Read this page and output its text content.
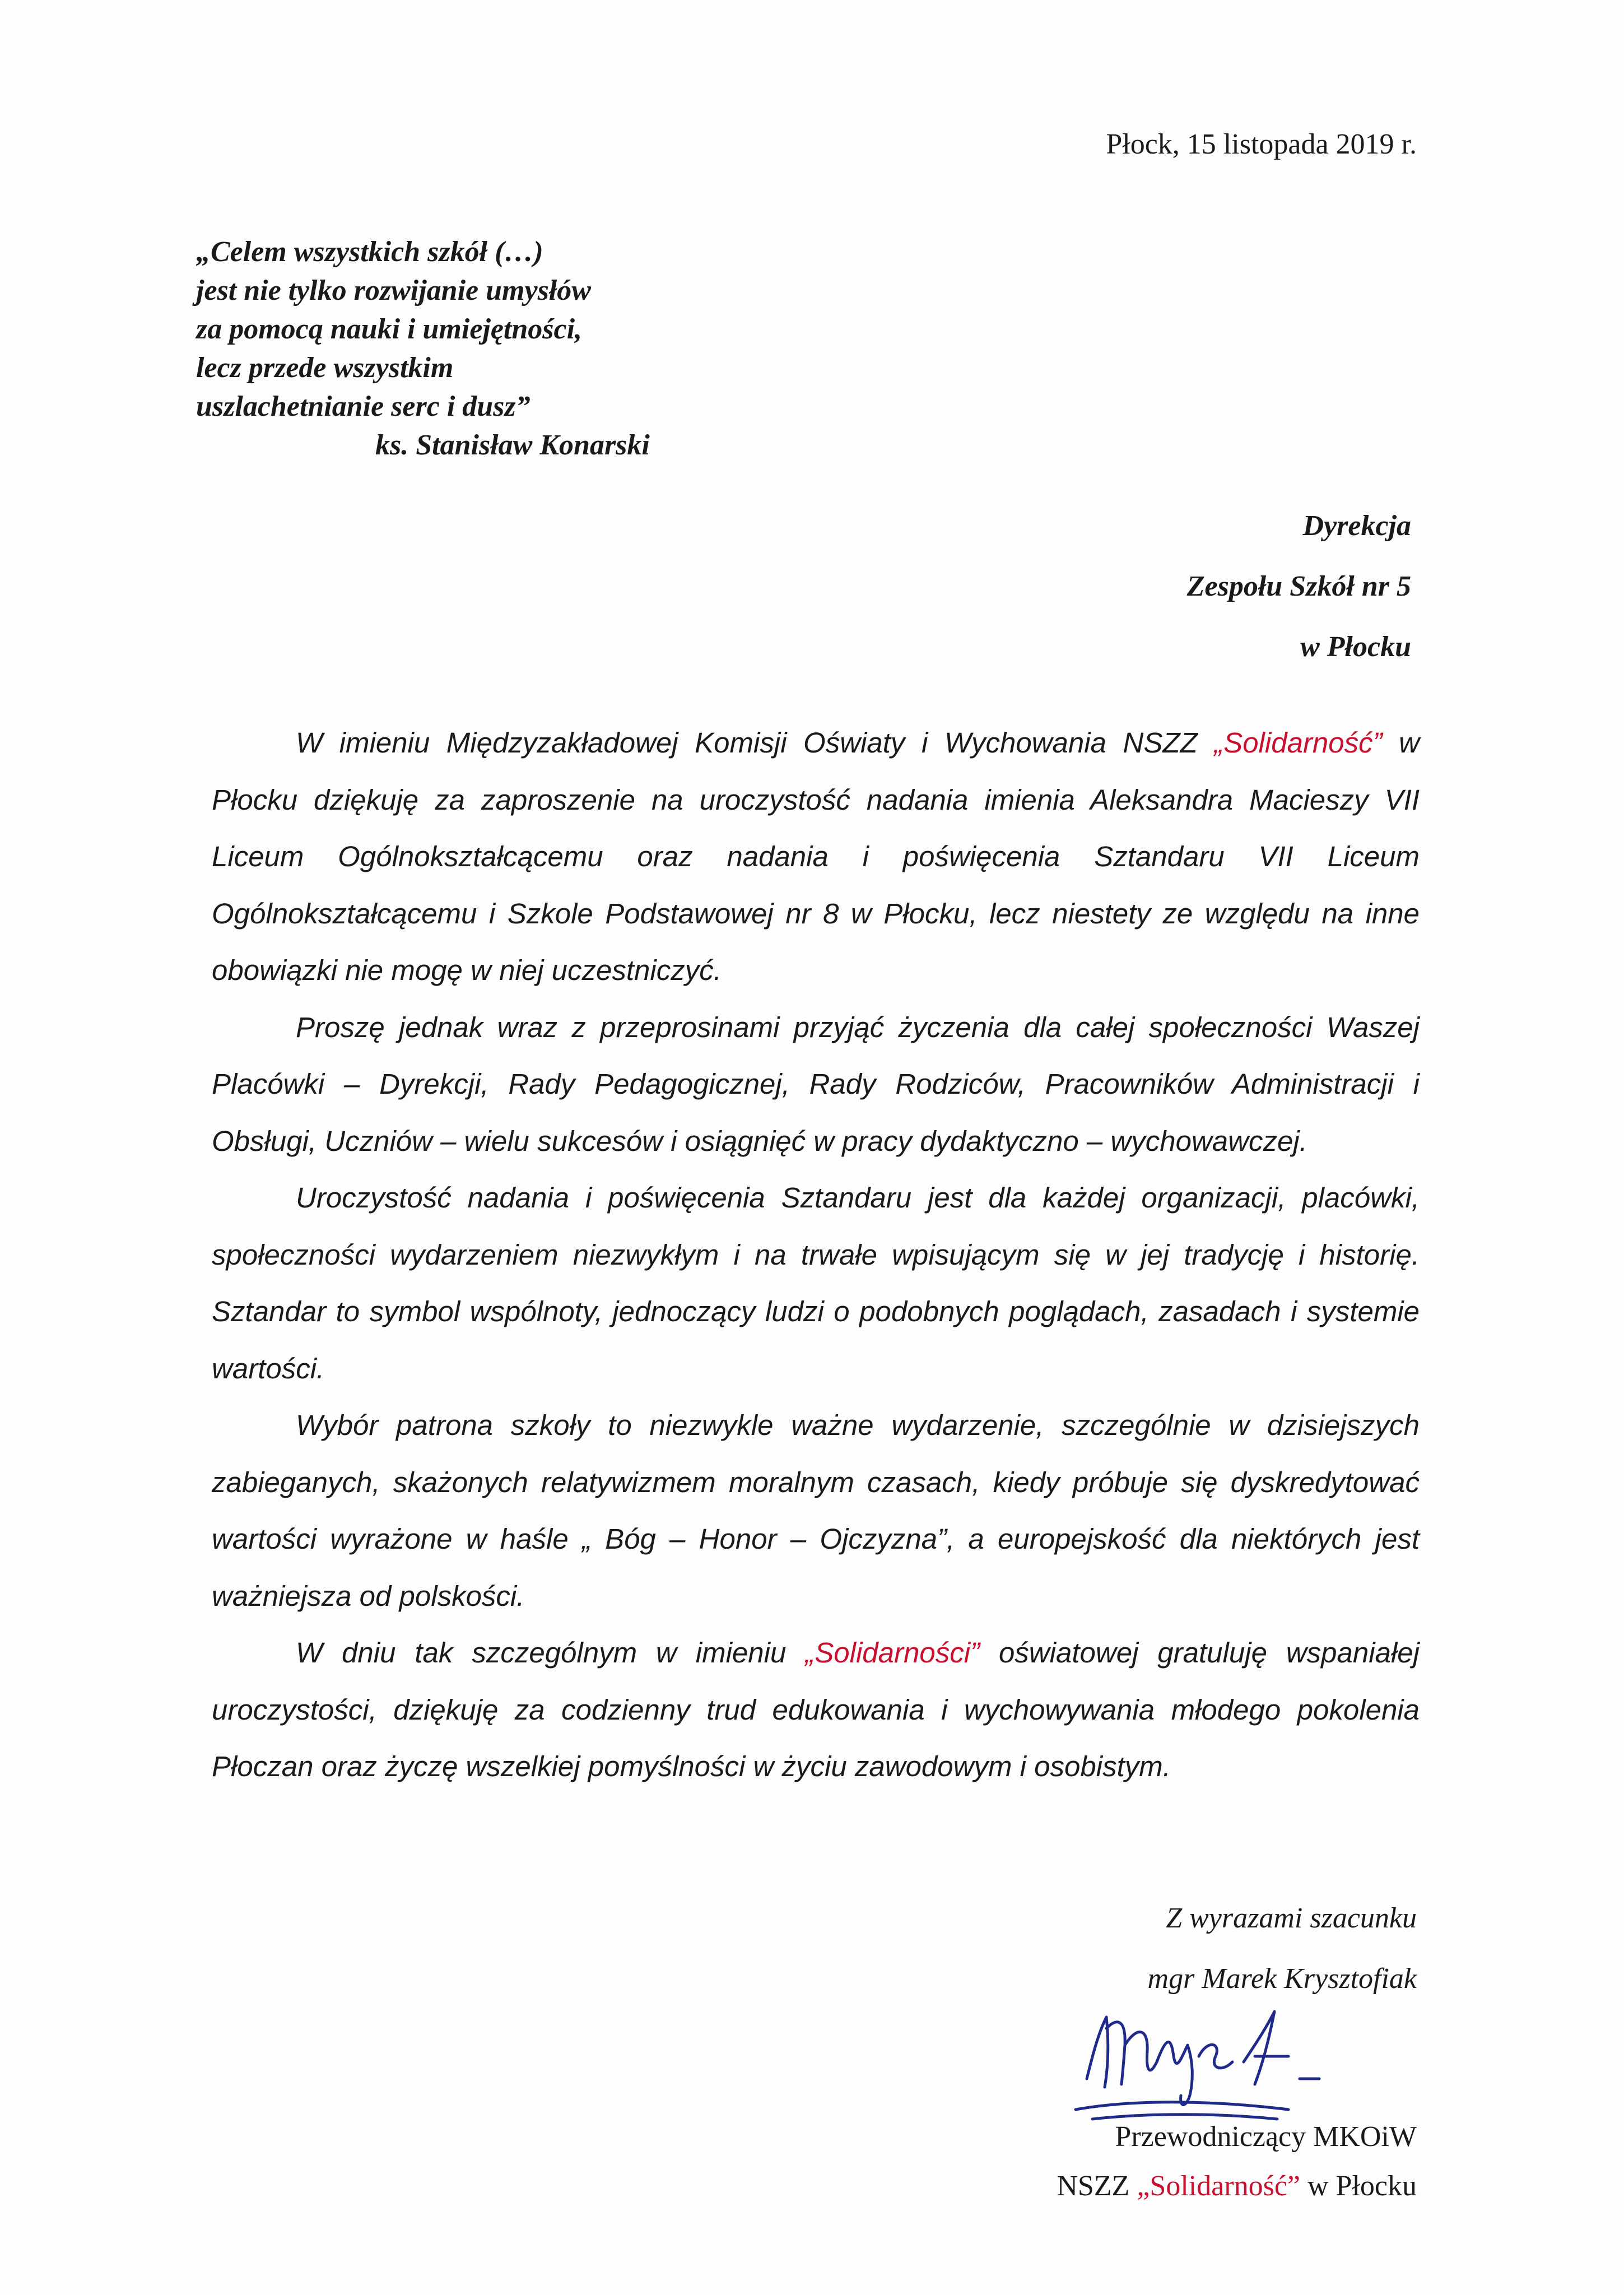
Płock, 15 listopada 2019 r.
„Celem wszystkich szkół (…)
jest nie tylko rozwijanie umysłów
za pomocą nauki i umiejętności,
lecz przede wszystkim
uszlachetnianie serc i dusz”
ks. Stanisław Konarski
Dyrekcja
Zespołu Szkół nr 5
w Płocku

W imieniu Międzyzakładowej Komisji Oświaty i Wychowania NSZZ „Solidarność” w Płocku dziękuję za zaproszenie na uroczystość nadania imienia Aleksandra Macieszy VII Liceum Ogólnokształcącemu oraz nadania i poświęcenia Sztandaru VII Liceum Ogólnokształcącemu i Szkole Podstawowej nr 8 w Płocku, lecz niestety ze względu na inne obowiązki nie mogę w niej uczestniczyć.

Proszę jednak wraz z przeprosinami przyjąć życzenia dla całej społeczności Waszej Placówki – Dyrekcji, Rady Pedagogicznej, Rady Rodziców, Pracowników Administracji i Obsługi, Uczniów – wielu sukcesów i osiągnięć w pracy dydaktyczno – wychowawczej.

Uroczystość nadania i poświęcenia Sztandaru jest dla każdej organizacji, placówki, społeczności wydarzeniem niezwykłym i na trwałe wpisującym się w jej tradycję i historię. Sztandar to symbol wspólnoty, jednoczący ludzi o podobnych poglądach, zasadach i systemie wartości.

Wybór patrona szkoły to niezwykle ważne wydarzenie, szczególnie w dzisiejszych zabieganych, skażonych relatywizmem moralnym czasach, kiedy próbuje się dyskredytować wartości wyrażone w haśle „ Bóg – Honor – Ojczyzna”, a europejskość dla niektórych jest ważniejsza od polskości.

W dniu tak szczególnym w imieniu „Solidarności” oświatowej gratuluję wspaniałej uroczystości, dziękuję za codzienny trud edukowania i wychowywania młodego pokolenia Płoczan oraz życzę wszelkiej pomyślności w życiu zawodowym i osobistym.

Z wyrazami szacunku
mgr Marek Krysztofiak
Przewodniczący MKOiW
NSZZ „Solidarność” w Płocku
